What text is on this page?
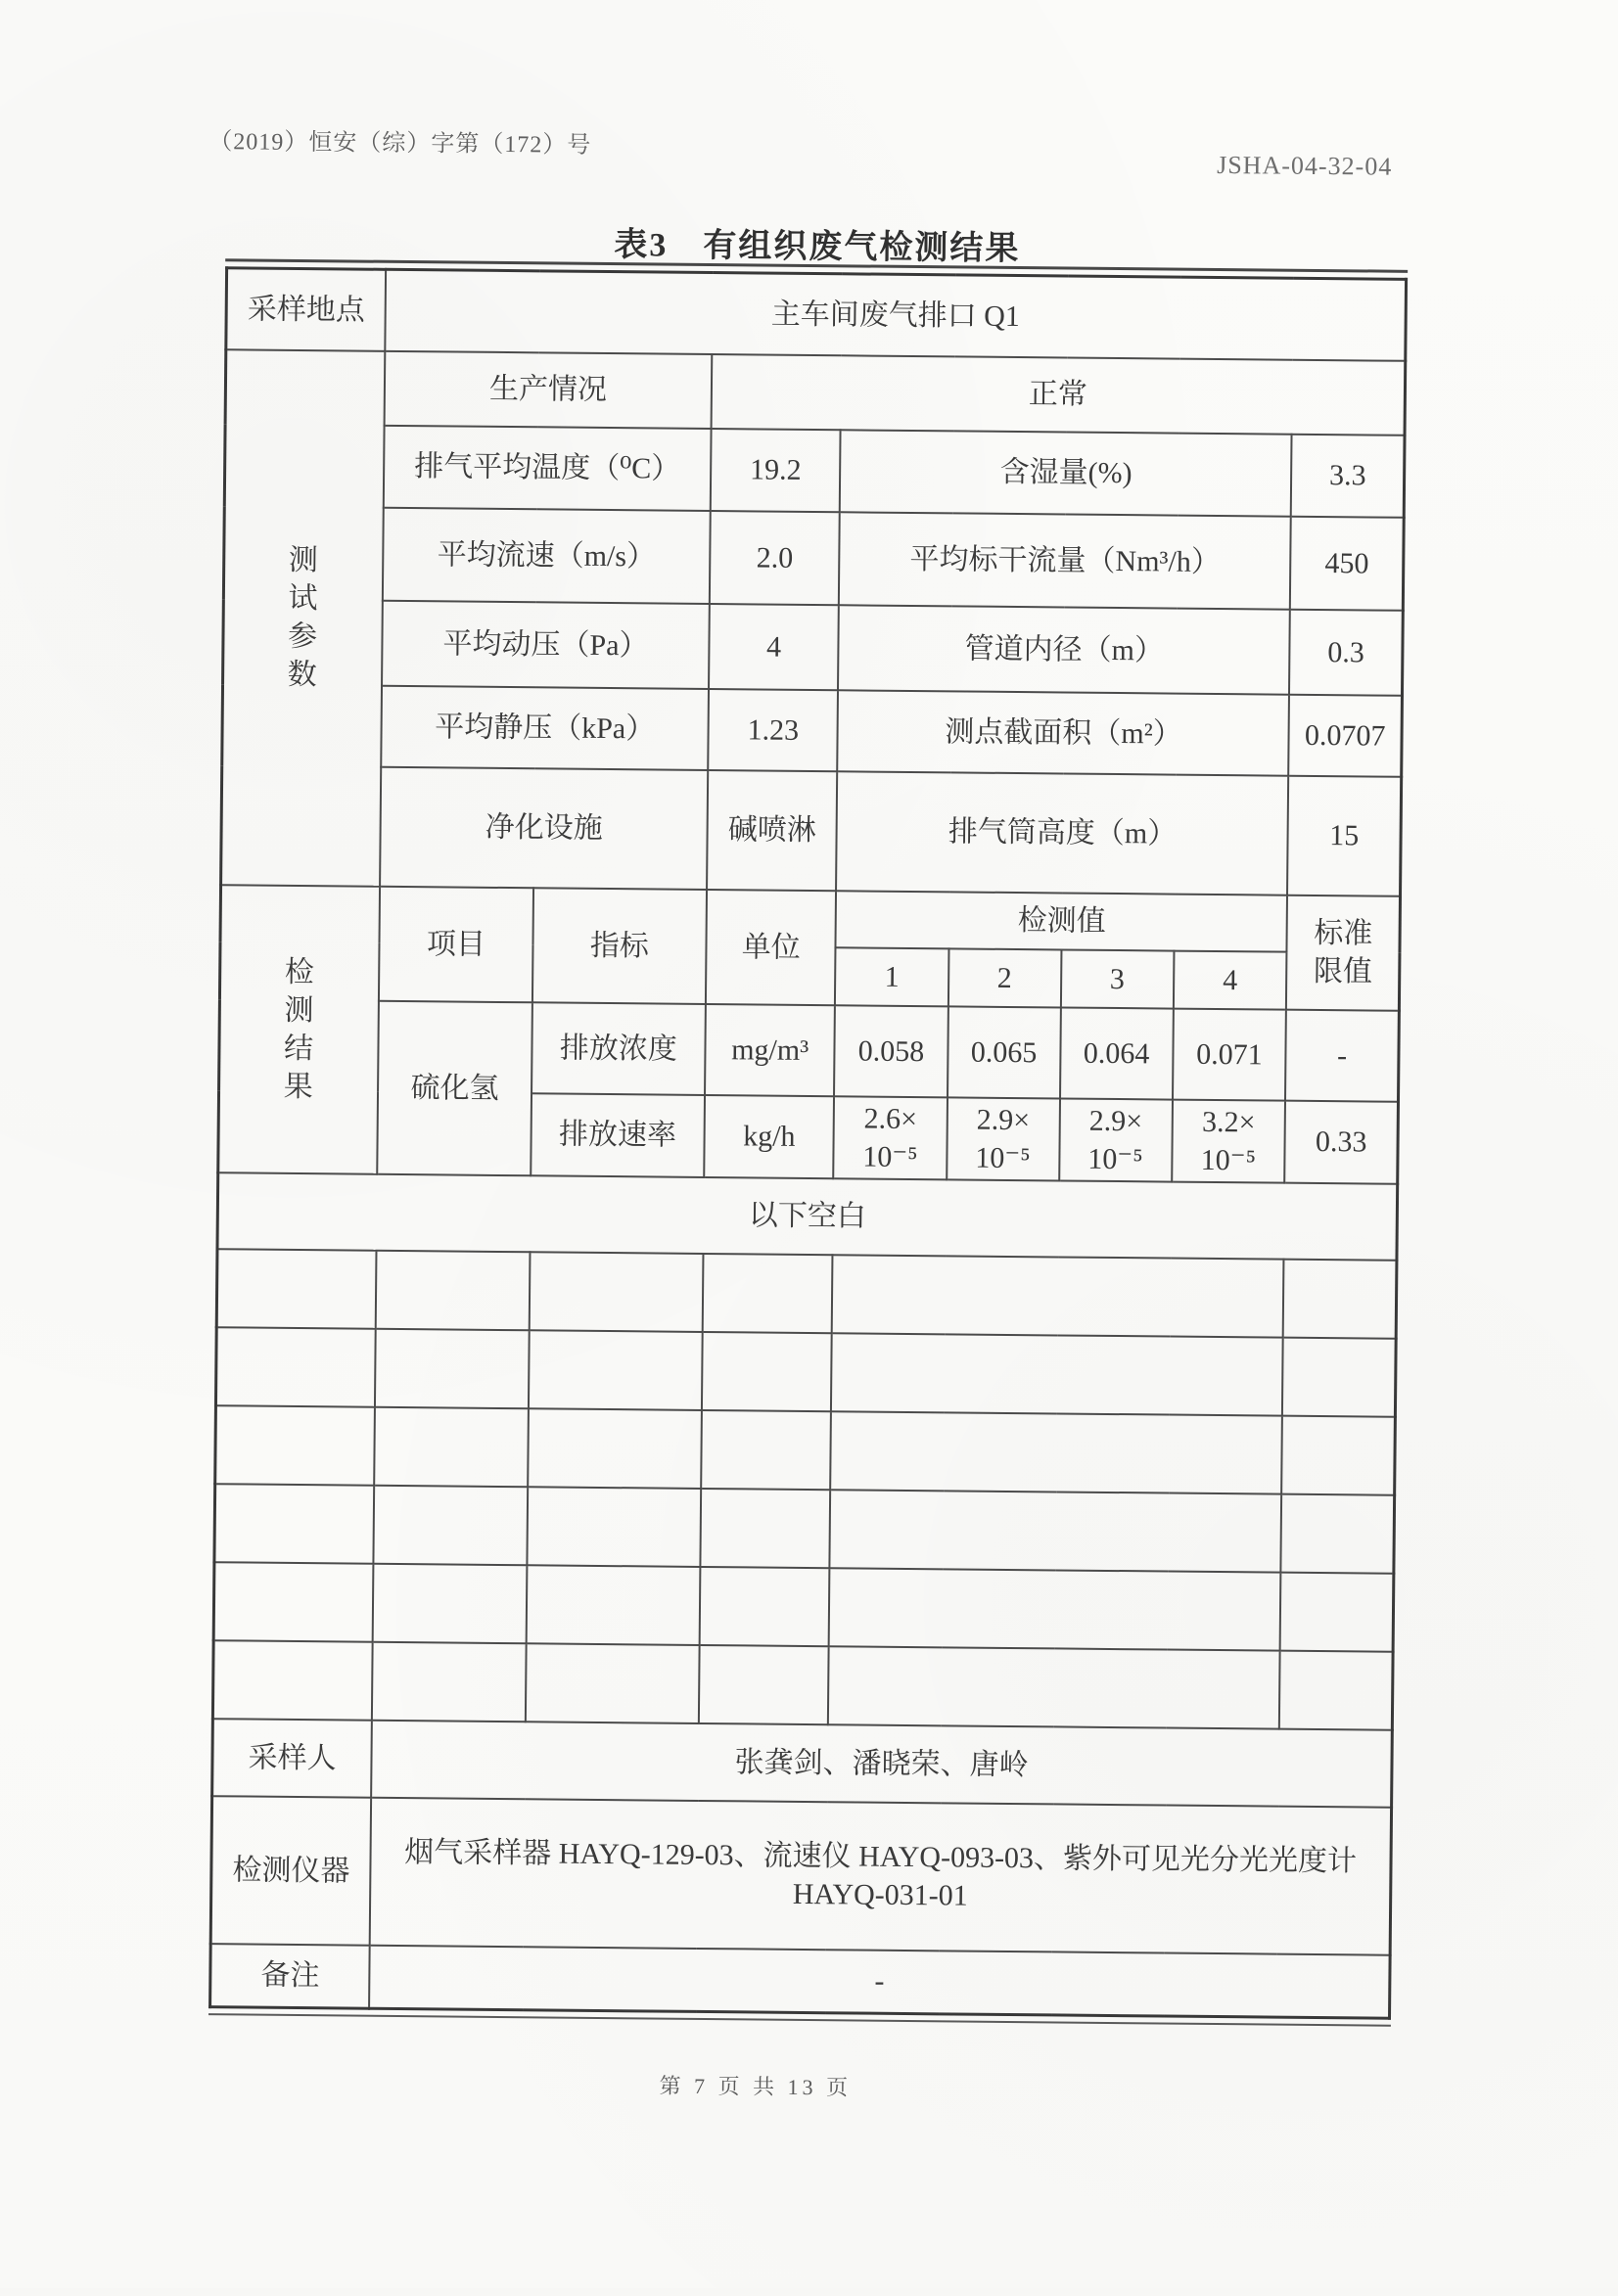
（2019）恒安（综）字第（172）号
JSHA-04-32-04
表3　有组织废气检测结果
采样地点	主车间废气排口 Q1							
测
试
参
数	生产情况		正常					
	排气平均温度（⁰C）		19.2	含湿量(%)				3.3
	平均流速（m/s）		2.0	平均标干流量（Nm³/h）				450
	平均动压（Pa）		4	管道内径（m）				0.3
	平均静压（kPa）		1.23	测点截面积（m²）				0.0707
	净化设施		碱喷淋	排气筒高度（m）				15
检
测
结
果	项目	指标	单位	检测值				标准
限值
				1	2	3	4	
	硫化氢	排放浓度	mg/m³	0.058	0.065	0.064	0.071	-
		排放速率	kg/h	2.6×
10⁻⁵	2.9×
10⁻⁵	2.9×
10⁻⁵	3.2×
10⁻⁵	0.33
以下空白								

采样人	张龚剑、潘晓荣、唐岭							
检测仪器	烟气采样器 HAYQ-129-03、流速仪 HAYQ-093-03、紫外可见光分光光度计
HAYQ-031-01							
备注	-							
第 7 页 共 13 页
